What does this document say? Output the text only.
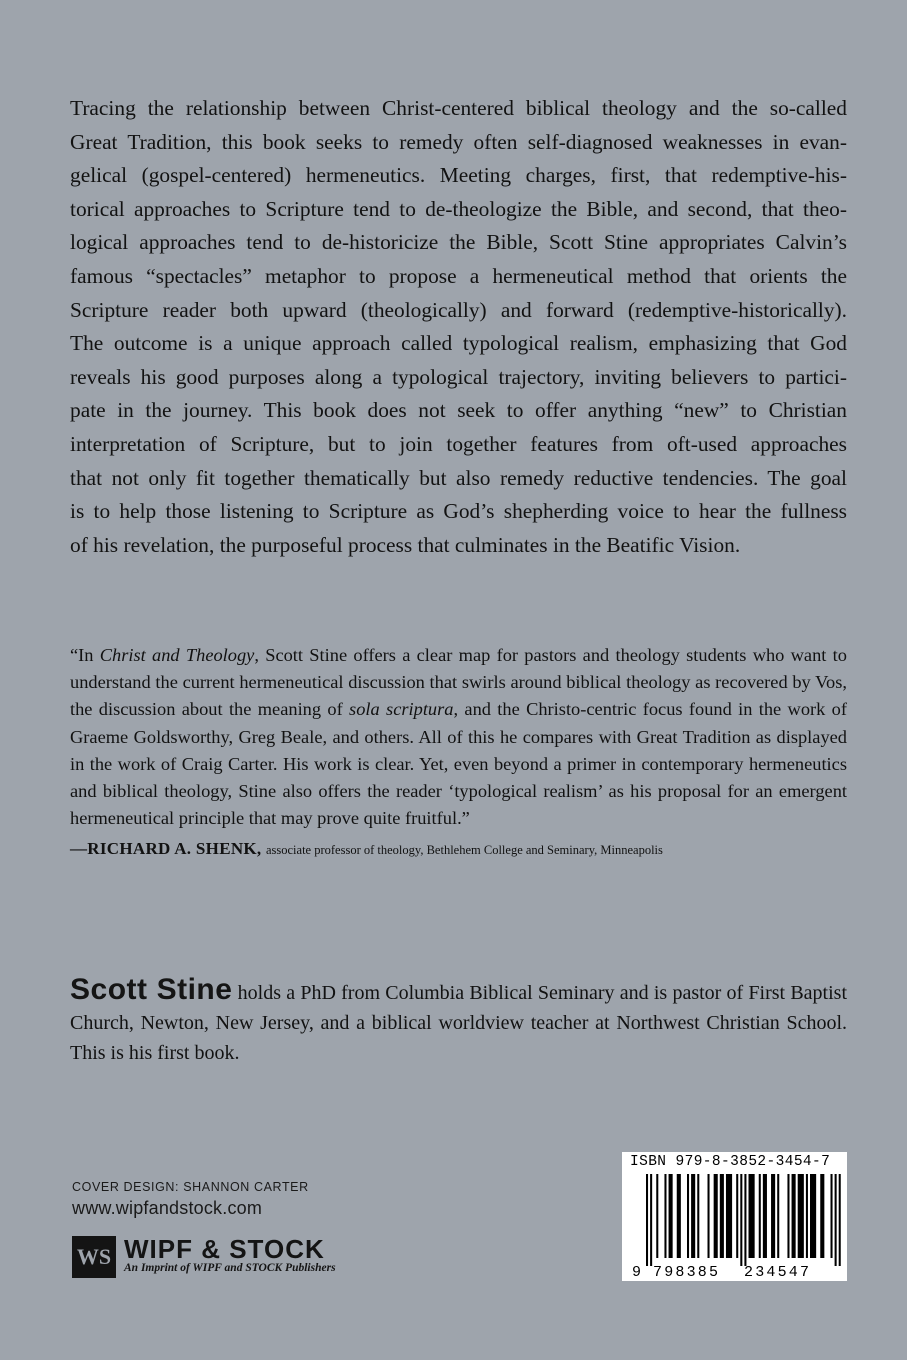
Tracing the relationship between Christ-centered biblical theology and the so-called
Great Tradition, this book seeks to remedy often self-diagnosed weaknesses in evan-
gelical (gospel-centered) hermeneutics. Meeting charges, first, that redemptive-his-
torical approaches to Scripture tend to de-theologize the Bible, and second, that theo-
logical approaches tend to de-historicize the Bible, Scott Stine appropriates Calvin’s
famous “spectacles” metaphor to propose a hermeneutical method that orients the
Scripture reader both upward (theologically) and forward (redemptive-historically).
The outcome is a unique approach called typological realism, emphasizing that God
reveals his good purposes along a typological trajectory, inviting believers to partici-
pate in the journey. This book does not seek to offer anything “new” to Christian
interpretation of Scripture, but to join together features from oft-used approaches
that not only fit together thematically but also remedy reductive tendencies. The goal
is to help those listening to Scripture as God’s shepherding voice to hear the fullness
of his revelation, the purposeful process that culminates in the Beatific Vision.

“In Christ and Theology, Scott Stine offers a clear map for pastors and theology students who want to understand the current hermeneutical discussion that swirls around biblical theology as recovered by Vos, the discussion about the meaning of sola scriptura, and the Christo-centric focus found in the work of Graeme Goldsworthy, Greg Beale, and others. All of this he compares with Great Tradition as displayed in the work of Craig Carter. His work is clear. Yet, even beyond a primer in contemporary hermeneutics and biblical theology, Stine also offers the reader ‘typological realism’ as his proposal for an emergent hermeneutical principle that may prove quite fruitful.”

—RICHARD A. SHENK, associate professor of theology, Bethlehem College and Seminary, Minneapolis

Scott Stine holds a PhD from Columbia Biblical Seminary and is pastor of First Baptist Church, Newton, New Jersey, and a biblical worldview teacher at Northwest Christian School. This is his first book.

COVER DESIGN: SHANNON CARTER
www.wipfandstock.com
WS WIPF & STOCK
An Imprint of WIPF and STOCK Publishers
ISBN 979-8-3852-3454-7
9 798385 234547
